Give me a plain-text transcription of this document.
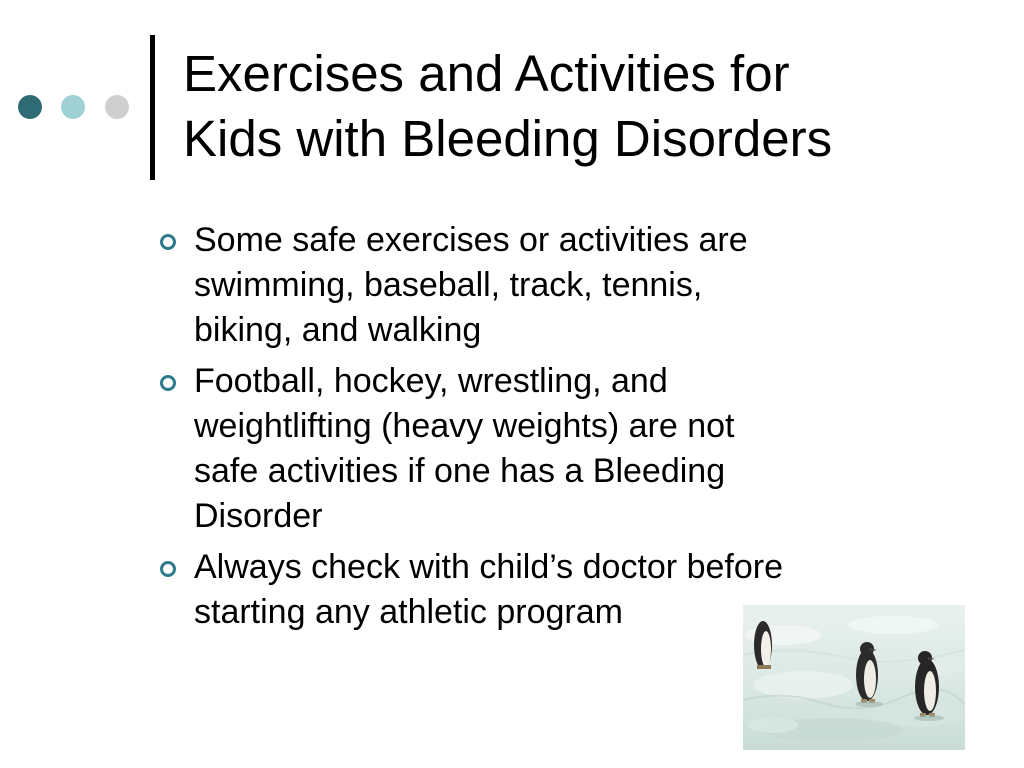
Exercises and Activities for
Kids with Bleeding Disorders
Some safe exercises or activities are
swimming, baseball, track, tennis,
biking, and walking
Football, hockey, wrestling, and
weightlifting (heavy weights) are not
safe activities if one has a Bleeding
Disorder
Always check with child’s doctor before
starting any athletic program
